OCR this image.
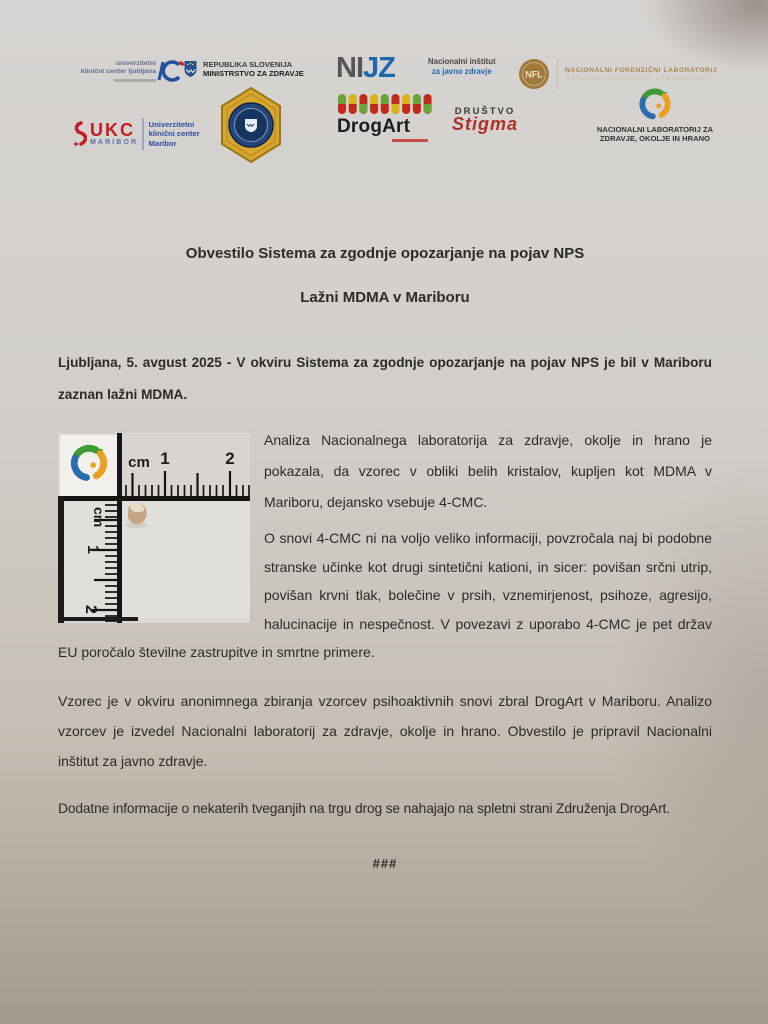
univerzitetni
klinični center ljubljana
REPUBLIKA SLOVENIJA
MINISTRSTVO ZA ZDRAVJE NI JZ	Nacionalni inštitut
za javno zdravje
DrogArt
NFL	NACIONALNI FORENZIČNI LABORATORIJ
NATIONAL FORENSIC LABORATORY
DRUŠTVO
Stigma	NACIONALNI LABORATORIJ ZA
ZDRAVJE, OKOLJE IN HRANO
UKC
MARIBOR
Univerzitetni
klinični center
Maribor
Obvestilo Sistema za zgodnje opozarjanje na pojav NPS
Lažni MDMA v Mariboru

Ljubljana, 5. avgust 2025 - V okviru Sistema za zgodnje opozarjanje na pojav NPS je bil v Mariboru zaznan lažni MDMA.

cm 1	2
cm
1
2

Analiza Nacionalnega laboratorija za zdravje, okolje in hrano je pokazala, da vzorec v obliki belih kristalov, kupljen kot MDMA v Mariboru, dejansko vsebuje 4-CMC.

O snovi 4-CMC ni na voljo veliko informaciji, povzročala naj bi podobne stranske učinke kot drugi sintetični kationi, in sicer: povišan srčni utrip, povišan krvni tlak, bolečine v prsih, vznemirjenost, psihoze, agresijo, halucinacije in nespečnost. V povezavi z uporabo 4-CMC je pet držav EU poročalo številne zastrupitve in smrtne primere.

Vzorec je v okviru anonimnega zbiranja vzorcev psihoaktivnih snovi zbral DrogArt v Mariboru. Analizo vzorcev je izvedel Nacionalni laboratorij za zdravje, okolje in hrano. Obvestilo je pripravil Nacionalni inštitut za javno zdravje.

Dodatne informacije o nekaterih tveganjih na trgu drog se nahajajo na spletni strani Združenja DrogArt.

###
